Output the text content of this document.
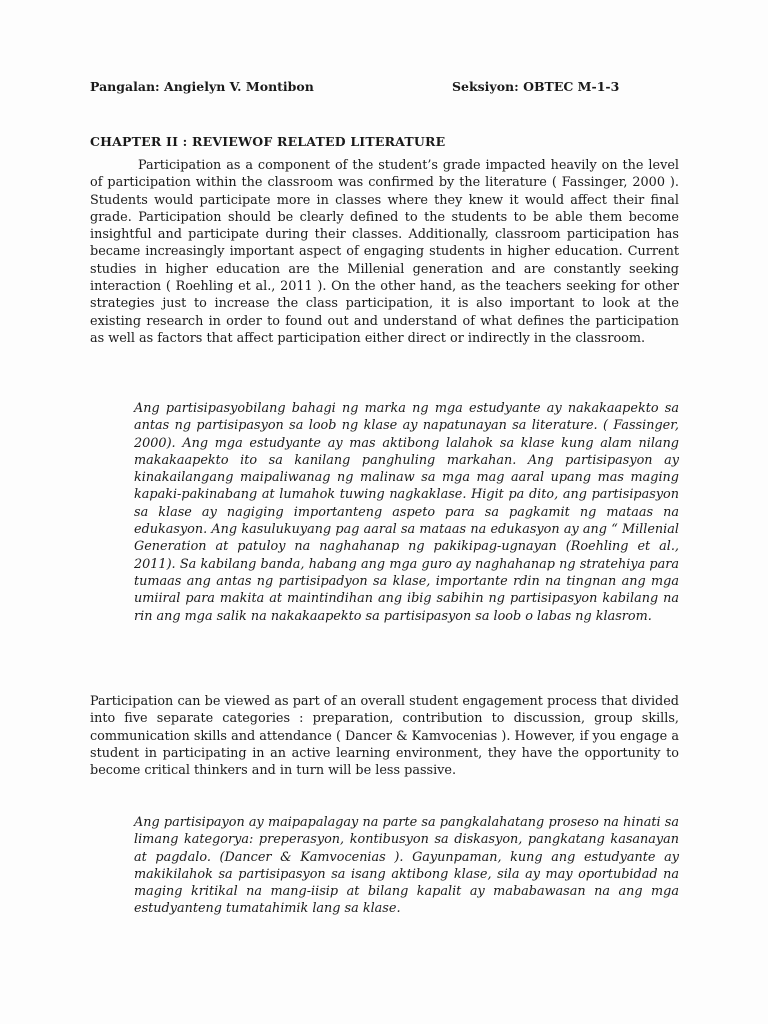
Pangalan: Angielyn V. Montibon	Seksiyon: OBTEC M-1-3
CHAPTER II : REVIEWOF RELATED LITERATURE

Participation as a component of the student’s grade impacted heavily on the level of participation within the classroom was confirmed by the literature ( Fassinger, 2000 ). Students would participate more in classes where they knew it would affect their final grade. Participation should be clearly defined to the students to be able them become insightful and participate during their classes. Additionally, classroom participation has became increasingly important aspect of engaging students in higher education. Current studies in higher education are the Millenial generation and are constantly seeking interaction ( Roehling et al., 2011 ). On the other hand, as the teachers seeking for other strategies just to increase the class participation, it is also important to look at the existing research in order to found out and understand of what defines the participation as well as factors that affect participation either direct or indirectly in the classroom.

Ang partisipasyobilang bahagi ng marka ng mga estudyante ay nakakaapekto sa antas ng partisipasyon sa loob ng klase ay napatunayan sa literature. ( Fassinger, 2000). Ang mga estudyante ay mas aktibong lalahok sa klase kung alam nilang makakaapekto ito sa kanilang panghuling markahan. Ang partisipasyon ay kinakailangang maipaliwanag ng malinaw sa mga mag aaral upang mas maging kapaki-pakinabang at lumahok tuwing nagkaklase. Higit pa dito, ang partisipasyon sa klase ay nagiging importanteng aspeto para sa pagkamit ng mataas na edukasyon. Ang kasulukuyang pag aaral sa mataas na edukasyon ay ang “ Millenial Generation at patuloy na naghahanap ng pakikipag-ugnayan (Roehling et al., 2011). Sa kabilang banda, habang ang mga guro ay naghahanap ng stratehiya para tumaas ang antas ng partisipadyon sa klase, importante rdin na tingnan ang mga umiiral para makita at maintindihan ang ibig sabihin ng partisipasyon kabilang na rin ang mga salik na nakakaapekto sa partisipasyon sa loob o labas ng klasrom.

Participation can be viewed as part of an overall student engagement process that divided into five separate categories : preparation, contribution to discussion, group skills, communication skills and attendance ( Dancer & Kamvocenias ). However, if you engage a student in participating in an active learning environment, they have the opportunity to become critical thinkers and in turn will be less passive.

Ang partisipayon ay maipapalagay na parte sa pangkalahatang proseso na hinati sa limang kategorya: preperasyon, kontibusyon sa diskasyon, pangkatang kasanayan at pagdalo. (Dancer & Kamvocenias ). Gayunpaman, kung ang estudyante ay makikilahok sa partisipasyon sa isang aktibong klase, sila ay may oportubidad na maging kritikal na mang-iisip at bilang kapalit ay mababawasan na ang mga estudyanteng tumatahimik lang sa klase.
